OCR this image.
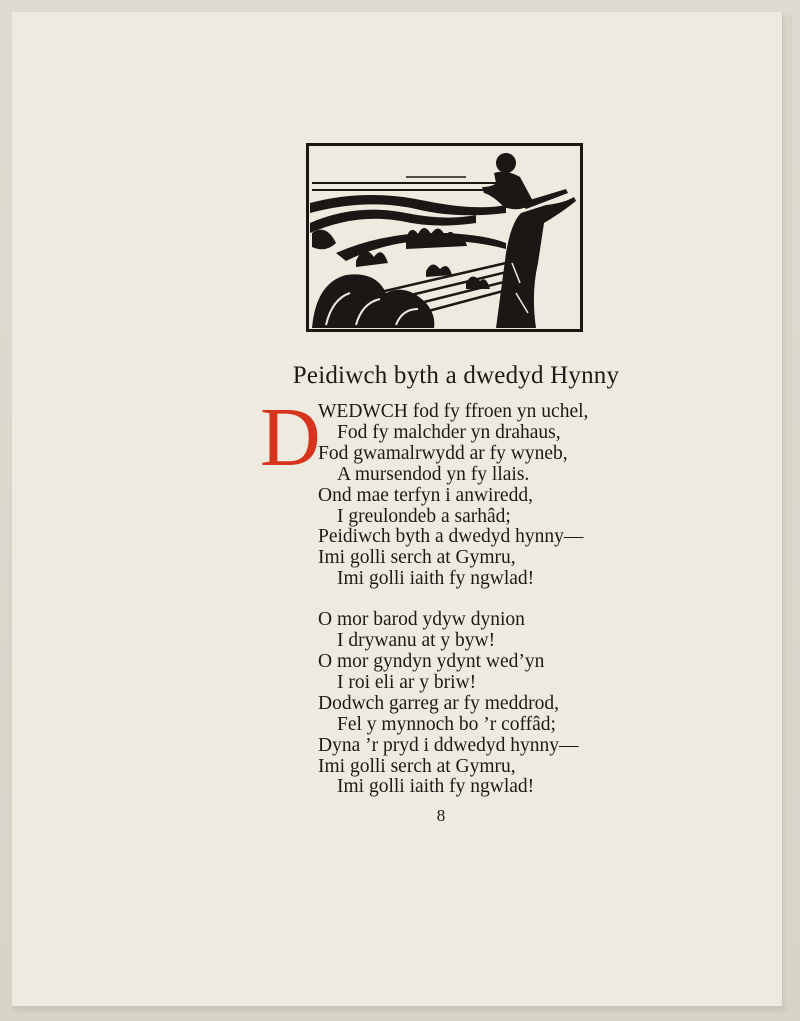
Peidiwch byth a dwedyd Hynny
D
WEDWCH fod fy ffroen yn uchel,
Fod fy malchder yn drahaus,
Fod gwamalrwydd ar fy wyneb,
A mursendod yn fy llais.
Ond mae terfyn i anwiredd,
I greulondeb a sarhâd;
Peidiwch byth a dwedyd hynny—
Imi golli serch at Gymru,
Imi golli iaith fy ngwlad!
O mor barod ydyw dynion
I drywanu at y byw!
O mor gyndyn ydynt wed’yn
I roi eli ar y briw!
Dodwch garreg ar fy meddrod,
Fel y mynnoch bo ’r coffâd;
Dyna ’r pryd i ddwedyd hynny—
Imi golli serch at Gymru,
Imi golli iaith fy ngwlad!
8
